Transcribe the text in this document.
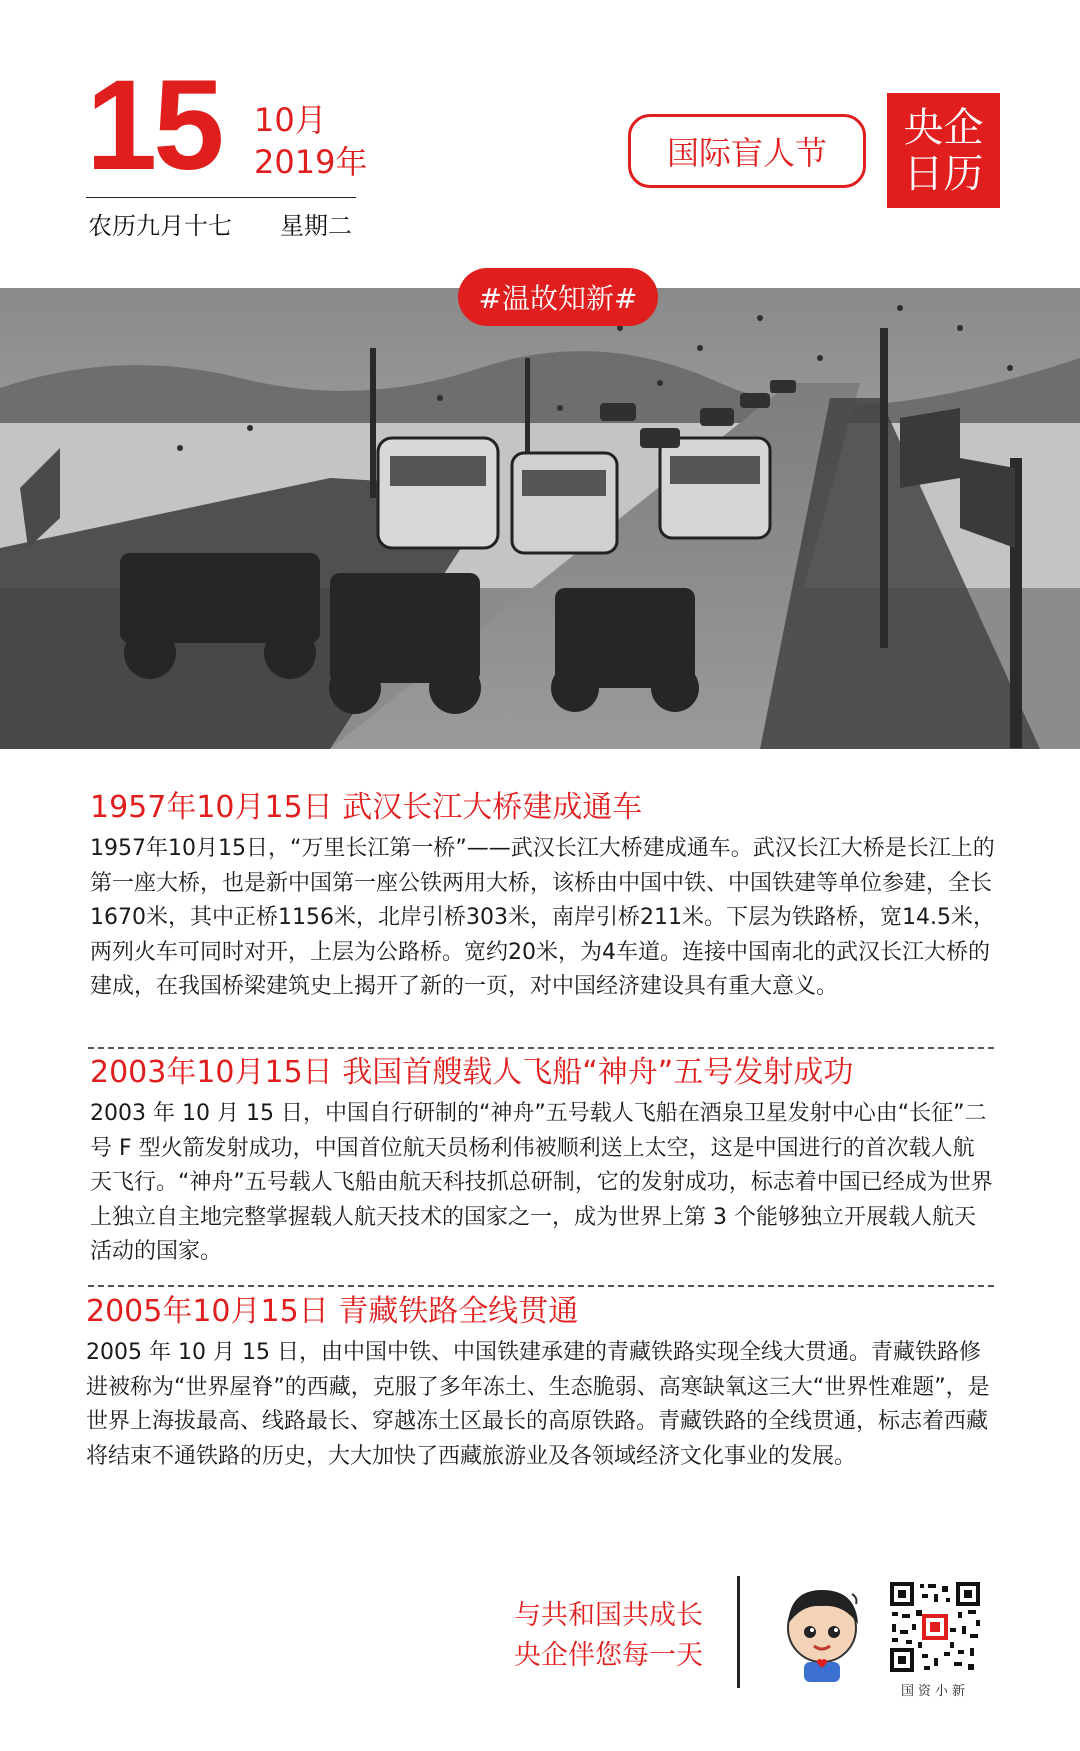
15 10月
2019年
农历九月十七 星期二
国际盲人节
央企
日历
#温故知新#
1957年10月15日 武汉长江大桥建成通车
1957年10月15日，“万里长江第一桥”——武汉长江大桥建成通车。武汉长江大桥是长江上的第一座大桥，也是新中国第一座公铁两用大桥，该桥由中国中铁、中国铁建等单位参建，全长1670米，其中正桥1156米，北岸引桥303米，南岸引桥211米。下层为铁路桥，宽14.5米，两列火车可同时对开，上层为公路桥。宽约20米，为4车道。连接中国南北的武汉长江大桥的建成，在我国桥梁建筑史上揭开了新的一页，对中国经济建设具有重大意义。
2003年10月15日 我国首艘载人飞船“神舟”五号发射成功
2003 年 10 月 15 日，中国自行研制的“神舟”五号载人飞船在酒泉卫星发射中心由“长征”二号 F 型火箭发射成功，中国首位航天员杨利伟被顺利送上太空，这是中国进行的首次载人航天飞行。“神舟”五号载人飞船由航天科技抓总研制，它的发射成功，标志着中国已经成为世界上独立自主地完整掌握载人航天技术的国家之一，成为世界上第 3 个能够独立开展载人航天活动的国家。
2005年10月15日 青藏铁路全线贯通
2005 年 10 月 15 日，由中国中铁、中国铁建承建的青藏铁路实现全线大贯通。青藏铁路修进被称为“世界屋脊”的西藏，克服了多年冻土、生态脆弱、高寒缺氧这三大“世界性难题”，是世界上海拔最高、线路最长、穿越冻土区最长的高原铁路。青藏铁路的全线贯通，标志着西藏将结束不通铁路的历史，大大加快了西藏旅游业及各领域经济文化事业的发展。
与共和国共成长
央企伴您每一天
国资小新
